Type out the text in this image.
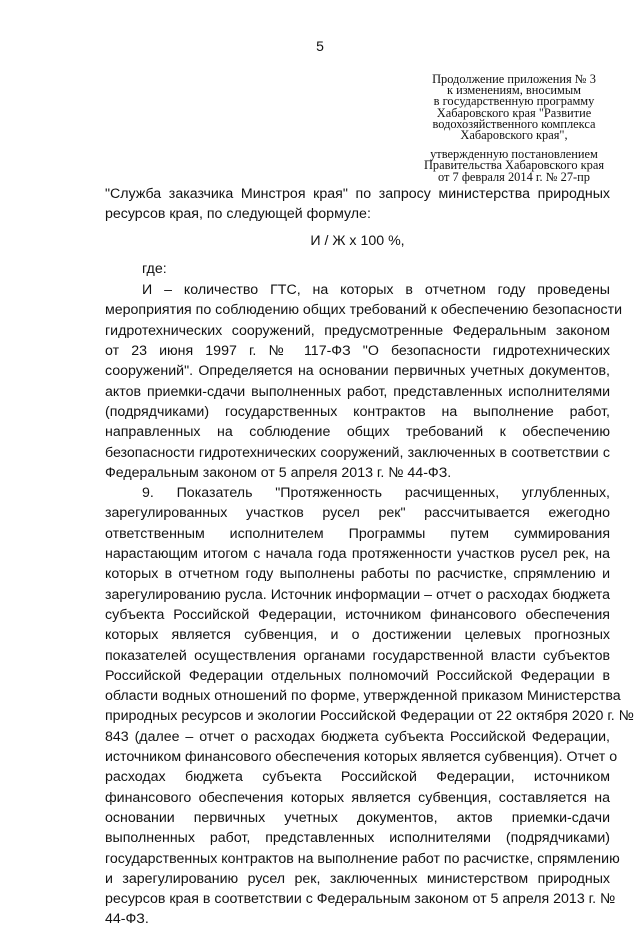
5
Продолжение приложения № 3
к изменениям, вносимым
в государственную программу
Хабаровского края "Развитие
водохозяйственного комплекса
Хабаровского края",
утвержденную постановлением
Правительства Хабаровского края
от 7 февраля 2014 г. № 27-пр
"Служба заказчика Минстроя края" по запросу министерства природных
ресурсов края, по следующей формуле:
И / Ж х 100 %,
где:
И – количество ГТС, на которых в отчетном году проведены
мероприятия по соблюдению общих требований к обеспечению безопасности
гидротехнических сооружений, предусмотренные Федеральным законом
от 23 июня 1997 г. № 117-ФЗ "О безопасности гидротехнических
сооружений". Определяется на основании первичных учетных документов,
актов приемки-сдачи выполненных работ, представленных исполнителями
(подрядчиками) государственных контрактов на выполнение работ,
направленных на соблюдение общих требований к обеспечению
безопасности гидротехнических сооружений, заключенных в соответствии с
Федеральным законом от 5 апреля 2013 г. № 44-ФЗ.
9. Показатель "Протяженность расчищенных, углубленных,
зарегулированных участков русел рек" рассчитывается ежегодно
ответственным исполнителем Программы путем суммирования
нарастающим итогом с начала года протяженности участков русел рек, на
которых в отчетном году выполнены работы по расчистке, спрямлению и
зарегулированию русла. Источник информации – отчет о расходах бюджета
субъекта Российской Федерации, источником финансового обеспечения
которых является субвенция, и о достижении целевых прогнозных
показателей осуществления органами государственной власти субъектов
Российской Федерации отдельных полномочий Российской Федерации в
области водных отношений по форме, утвержденной приказом Министерства
природных ресурсов и экологии Российской Федерации от 22 октября 2020 г. №
843 (далее – отчет о расходах бюджета субъекта Российской Федерации,
источником финансового обеспечения которых является субвенция). Отчет о
расходах бюджета субъекта Российской Федерации, источником
финансового обеспечения которых является субвенция, составляется на
основании первичных учетных документов, актов приемки-сдачи
выполненных работ, представленных исполнителями (подрядчиками)
государственных контрактов на выполнение работ по расчистке, спрямлению
и зарегулированию русел рек, заключенных министерством природных
ресурсов края в соответствии с Федеральным законом от 5 апреля 2013 г. №
44-ФЗ.
